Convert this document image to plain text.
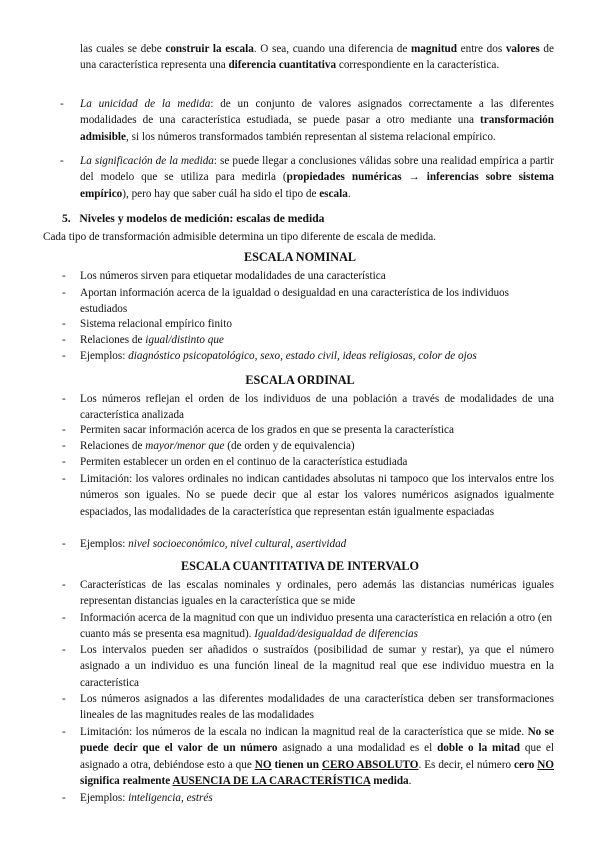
las cuales se debe construir la escala. O sea, cuando una diferencia de magnitud entre dos valores de una característica representa una diferencia cuantitativa correspondiente en la característica.
- La unicidad de la medida: de un conjunto de valores asignados correctamente a las diferentes modalidades de una característica estudiada, se puede pasar a otro mediante una transformación admisible, si los números transformados también representan al sistema relacional empírico.
- La significación de la medida: se puede llegar a conclusiones válidas sobre una realidad empírica a partir del modelo que se utiliza para medirla (propiedades numéricas → inferencias sobre sistema empírico), pero hay que saber cuál ha sido el tipo de escala.
5. Niveles y modelos de medición: escalas de medida
Cada tipo de transformación admisible determina un tipo diferente de escala de medida.
ESCALA NOMINAL
- Los números sirven para etiquetar modalidades de una característica
- Aportan información acerca de la igualdad o desigualdad en una característica de los individuos estudiados
- Sistema relacional empírico finito
- Relaciones de igual/distinto que
- Ejemplos: diagnóstico psicopatológico, sexo, estado civil, ideas religiosas, color de ojos
ESCALA ORDINAL
- Los números reflejan el orden de los individuos de una población a través de modalidades de una característica analizada
- Permiten sacar información acerca de los grados en que se presenta la característica
- Relaciones de mayor/menor que (de orden y de equivalencia)
- Permiten establecer un orden en el continuo de la característica estudiada
- Limitación: los valores ordinales no indican cantidades absolutas ni tampoco que los intervalos entre los números son iguales. No se puede decir que al estar los valores numéricos asignados igualmente espaciados, las modalidades de la característica que representan están igualmente espaciadas
- Ejemplos: nivel socioeconómico, nivel cultural, asertividad
ESCALA CUANTITATIVA DE INTERVALO
- Características de las escalas nominales y ordinales, pero además las distancias numéricas iguales representan distancias iguales en la característica que se mide
- Información acerca de la magnitud con que un individuo presenta una característica en relación a otro (en cuanto más se presenta esa magnitud). Igualdad/desigualdad de diferencias
- Los intervalos pueden ser añadidos o sustraídos (posibilidad de sumar y restar), ya que el número asignado a un individuo es una función lineal de la magnitud real que ese individuo muestra en la característica
- Los números asignados a las diferentes modalidades de una característica deben ser transformaciones lineales de las magnitudes reales de las modalidades
- Limitación: los números de la escala no indican la magnitud real de la característica que se mide. No se puede decir que el valor de un número asignado a una modalidad es el doble o la mitad que el asignado a otra, debiéndose esto a que NO tienen un CERO ABSOLUTO. Es decir, el número cero NO significa realmente AUSENCIA DE LA CARACTERÍSTICA medida.
- Ejemplos: inteligencia, estrés
